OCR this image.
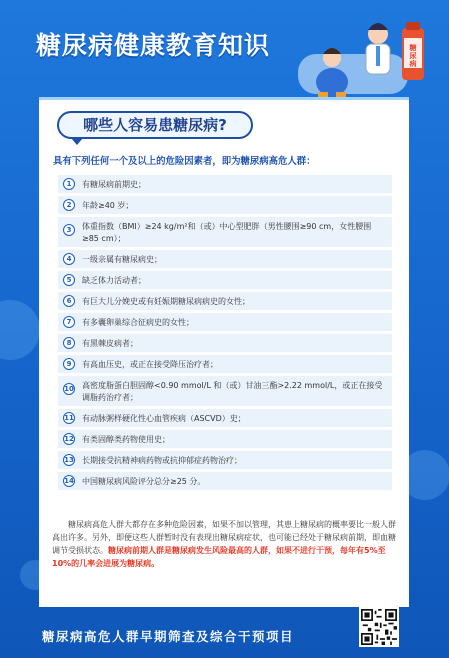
糖尿病健康教育知识	糖
尿
病
哪些人容易患糖尿病?
具有下列任何一个及以上的危险因素者，即为糖尿病高危人群：
1	有糖尿病前期史；
2	年龄≥40 岁；
3	体重指数（BMI）≥24 kg/m²和（或）中心型肥胖（男性腰围≥90 cm，女性腰围≥85 cm）；
4	一级亲属有糖尿病史；
5	缺乏体力活动者；
6	有巨大儿分娩史或有妊娠期糖尿病病史的女性；
7	有多囊卵巢综合征病史的女性；
8	有黑棘皮病者；
9	有高血压史，或正在接受降压治疗者；
10 高密度脂蛋白胆固醇<0.90 mmol/L 和（或）甘油三酯>2.22 mmol/L，或正在接受调脂药治疗者；
11 有动脉粥样硬化性心血管疾病（ASCVD）史；
12 有类固醇类药物使用史；
13 长期接受抗精神病药物或抗抑郁症药物治疗；
14 中国糖尿病风险评分总分≥25 分。
糖尿病高危人群大都存在多种危险因素，如果不加以管理，其患上糖尿病的概率要比一般人群高出许多。另外，即便这些人群暂时没有表现出糖尿病症状，也可能已经处于糖尿病前期，即血糖调节受损状态。糖尿病前期人群是糖尿病发生风险最高的人群，如果不进行干预，每年有5%至10%的几率会进展为糖尿病。
糖尿病高危人群早期筛查及综合干预项目
